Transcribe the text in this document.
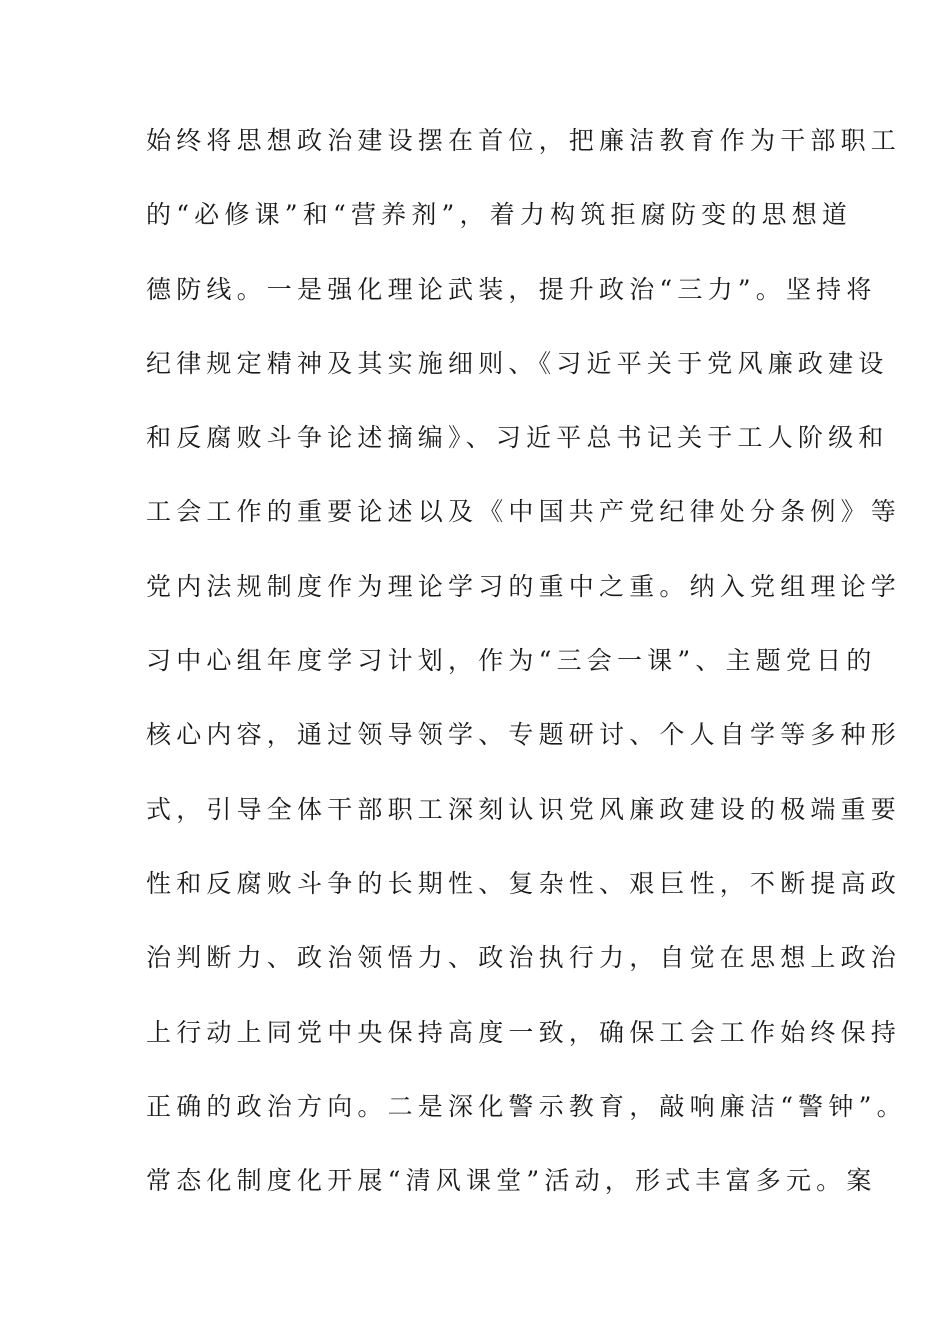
始终将思想政治建设摆在首位，把廉洁教育作为干部职工
的“必修课”和“营养剂”，着力构筑拒腐防变的思想道
德防线。一是强化理论武装，提升政治“三力”。坚持将
纪律规定精神及其实施细则、《习近平关于党风廉政建设
和反腐败斗争论述摘编》、习近平总书记关于工人阶级和
工会工作的重要论述以及《中国共产党纪律处分条例》等
党内法规制度作为理论学习的重中之重。纳入党组理论学
习中心组年度学习计划，作为“三会一课”、主题党日的
核心内容，通过领导领学、专题研讨、个人自学等多种形
式，引导全体干部职工深刻认识党风廉政建设的极端重要
性和反腐败斗争的长期性、复杂性、艰巨性，不断提高政
治判断力、政治领悟力、政治执行力，自觉在思想上政治
上行动上同党中央保持高度一致，确保工会工作始终保持
正确的政治方向。二是深化警示教育，敲响廉洁“警钟”。
常态化制度化开展“清风课堂”活动，形式丰富多元。案
